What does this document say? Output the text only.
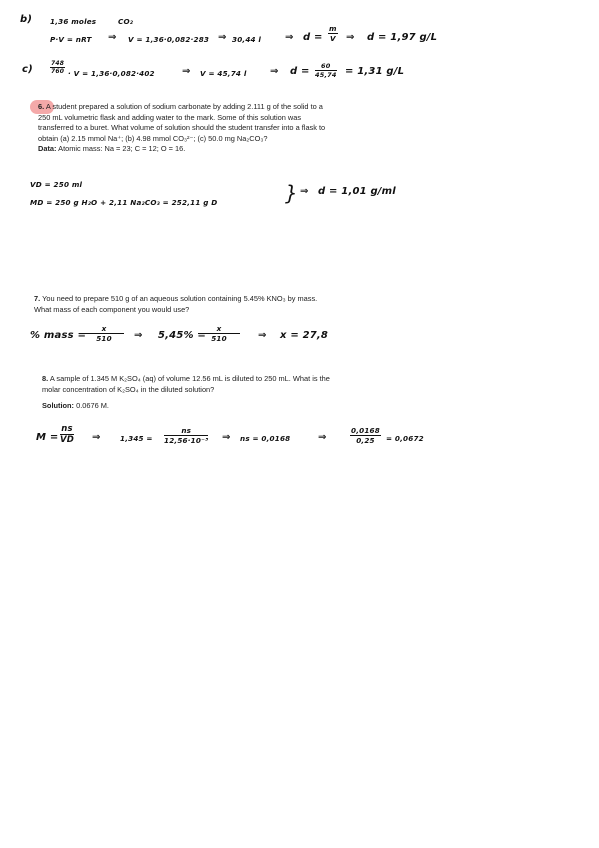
b) 1,36 moles	CO₂
P·V = nRT ⇒ V = 1,36·0,082·283 ⇒ 30,44 l ⇒ $d = \frac{m}{V}$ ⇒ d = 1,97 g/L
c)	$\frac{748}{760} \cdot V = 1,36\cdot 0,082\cdot 402$	⇒ V = 45,74 l ⇒ $d = \frac{60}{45,74} = 1,31$ g/L
6. A student prepared a solution of sodium carbonate by adding 2.111 g of the solid to a
250 mL volumetric flask and adding water to the mark. Some of this solution was
transferred to a buret. What volume of solution should the student transfer into a flask to
obtain (a) 2.15 mmol Na⁺; (b) 4.98 mmol CO₃²⁻; (c) 50.0 mg Na₂CO₃?
Data: Atomic mass: Na = 23; C = 12; O = 16.
VD = 250 ml
MD = 250 g H₂O + 2,11 Na₂CO₃ = 252,11 g D	} ⇒ d = 1,01 g/ml
7. You need to prepare 510 g of an aqueous solution containing 5.45% KNO₃ by mass.
What mass of each component you would use?
% mass =
$\frac{x}{510}$ ⇒ 5,45% =
$\frac{x}{510}$ ⇒ x = 27,8
8. A sample of 1.345 M K₂SO₄ (aq) of volume 12.56 mL is diluted to 250 mL. What is the
molar concentration of K₂SO₄ in the diluted solution?
Solution: 0.0676 M.
$M = \frac{ns}{VD}$ ⇒	$1,345 = \frac{ns}{\text{12,56·10⁻³}}$ ⇒ ns = 0,0168	⇒	$\frac{0,0168}{0,25} = 0,0672$
